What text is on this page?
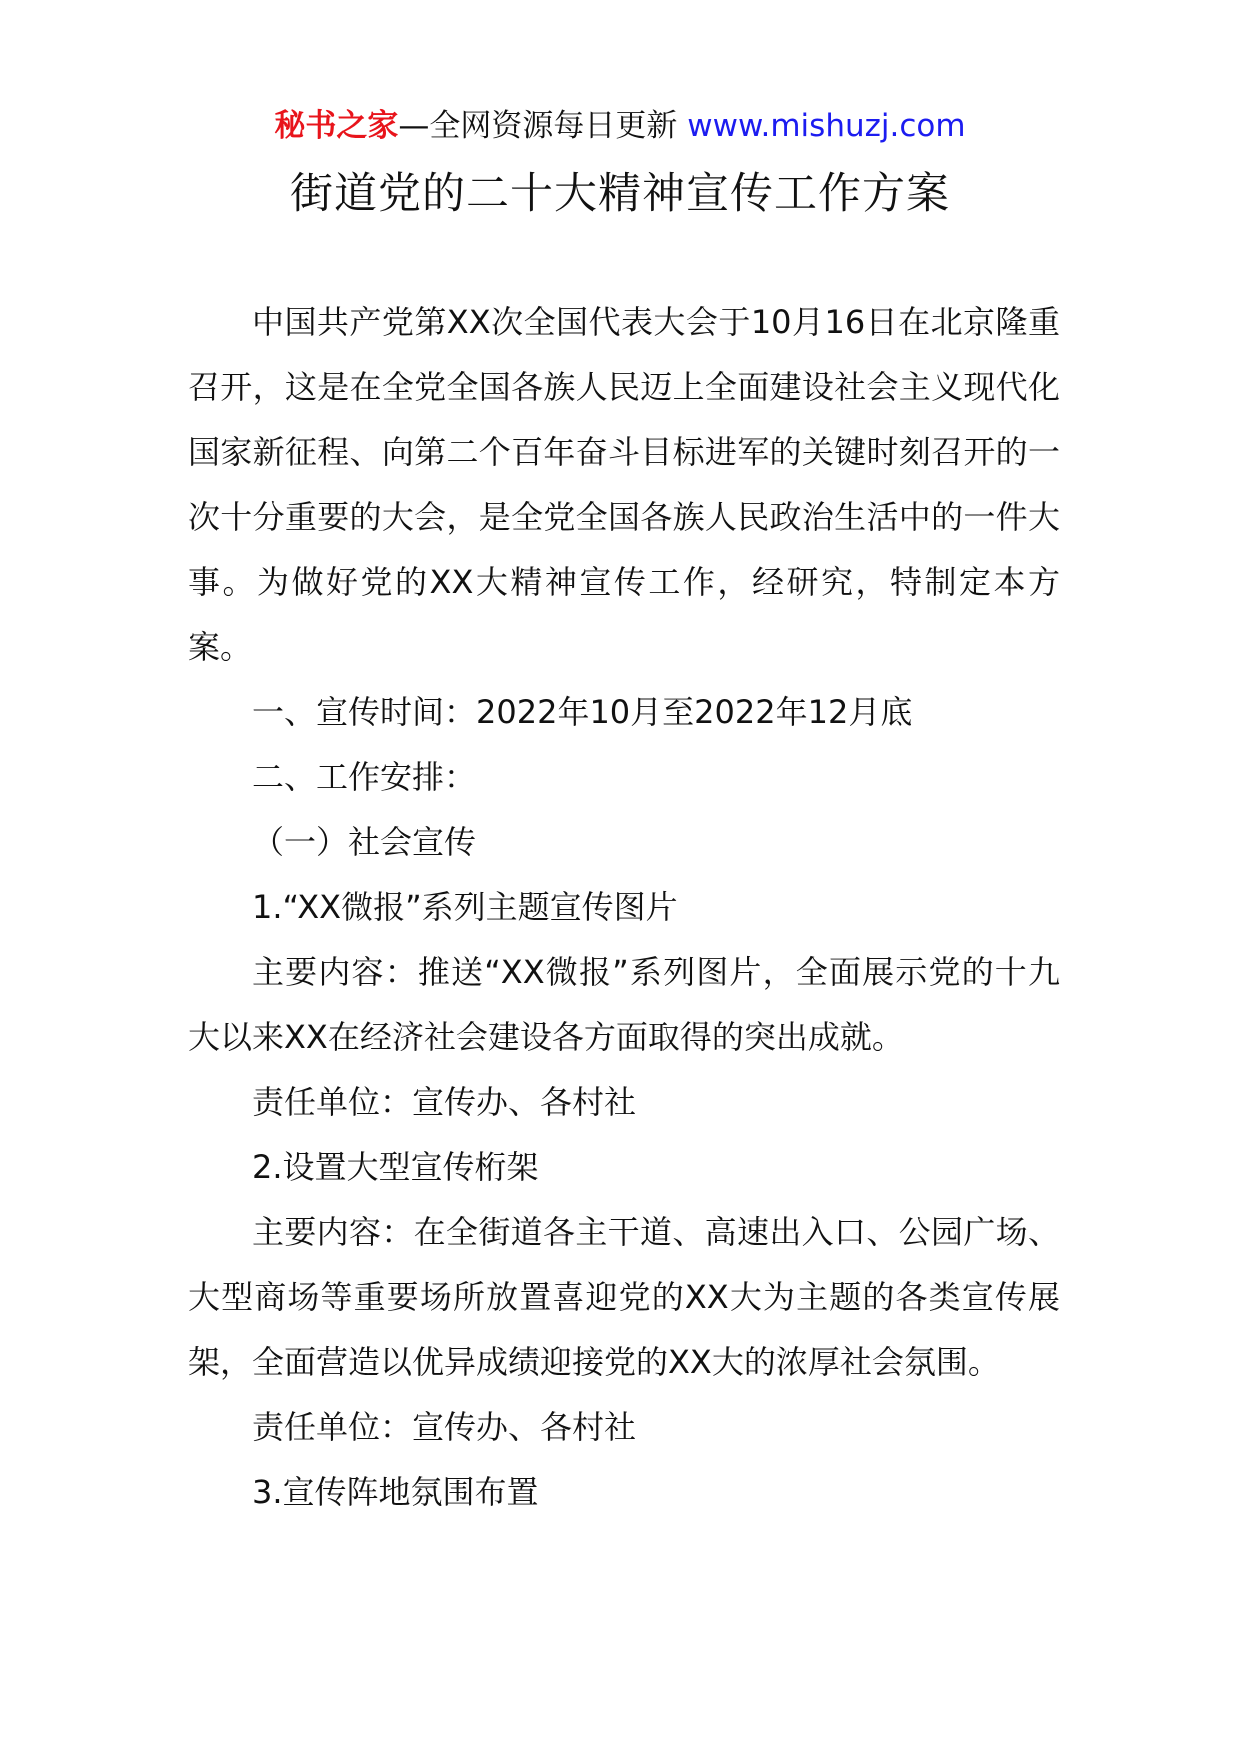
秘书之家—全网资源每日更新 www.mishuzj.com
街道党的二十大精神宣传工作方案

中国共产党第XX次全国代表大会于10月16日在北京隆重召开，这是在全党全国各族人民迈上全面建设社会主义现代化国家新征程、向第二个百年奋斗目标进军的关键时刻召开的一次十分重要的大会，是全党全国各族人民政治生活中的一件大事。为做好党的XX大精神宣传工作，经研究，特制定本方案。

一、宣传时间：2022年10月至2022年12月底

二、工作安排：

（一）社会宣传

1.“XX微报”系列主题宣传图片

主要内容：推送“XX微报”系列图片，全面展示党的十九大以来XX在经济社会建设各方面取得的突出成就。

责任单位：宣传办、各村社

2.设置大型宣传桁架

主要内容：在全街道各主干道、高速出入口、公园广场、大型商场等重要场所放置喜迎党的XX大为主题的各类宣传展架，全面营造以优异成绩迎接党的XX大的浓厚社会氛围。

责任单位：宣传办、各村社

3.宣传阵地氛围布置
